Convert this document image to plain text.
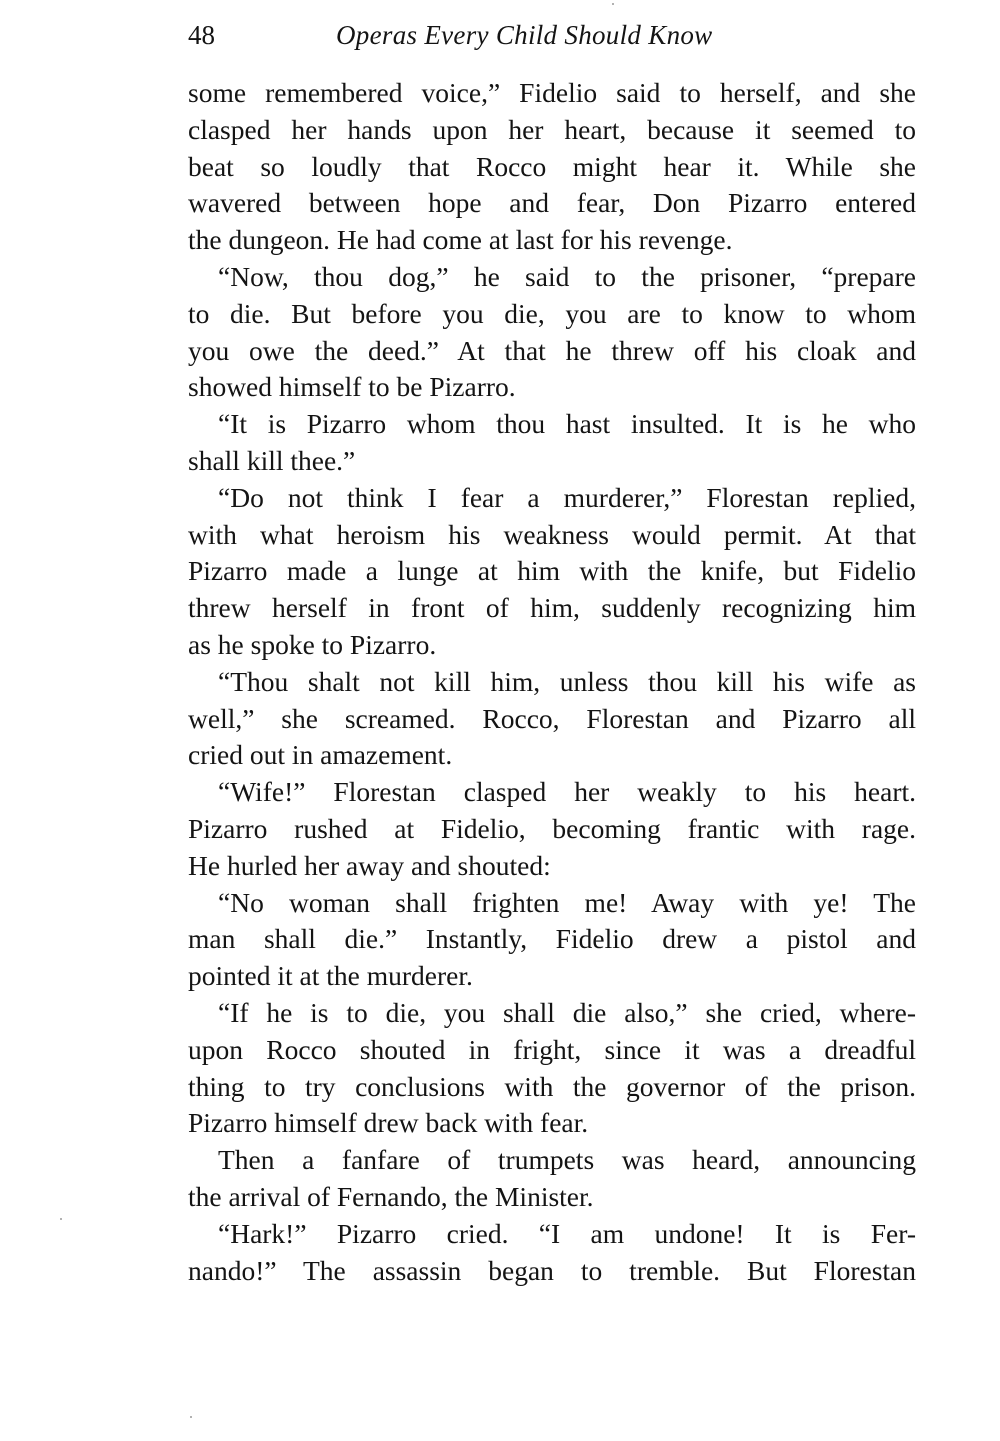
48	Operas Every Child Should Know
some remembered voice,” Fidelio said to herself, and she
clasped her hands upon her heart, because it seemed to
beat so loudly that Rocco might hear it. While she
wavered between hope and fear, Don Pizarro entered
the dungeon. He had come at last for his revenge.
“Now, thou dog,” he said to the prisoner, “prepare
to die. But before you die, you are to know to whom
you owe the deed.” At that he threw off his cloak and
showed himself to be Pizarro.
“It is Pizarro whom thou hast insulted. It is he who
shall kill thee.”
“Do not think I fear a murderer,” Florestan replied,
with what heroism his weakness would permit. At that
Pizarro made a lunge at him with the knife, but Fidelio
threw herself in front of him, suddenly recognizing him
as he spoke to Pizarro.
“Thou shalt not kill him, unless thou kill his wife as
well,” she screamed. Rocco, Florestan and Pizarro all
cried out in amazement.
“Wife!” Florestan clasped her weakly to his heart.
Pizarro rushed at Fidelio, becoming frantic with rage.
He hurled her away and shouted:
“No woman shall frighten me! Away with ye! The
man shall die.” Instantly, Fidelio drew a pistol and
pointed it at the murderer.
“If he is to die, you shall die also,” she cried, where-
upon Rocco shouted in fright, since it was a dreadful
thing to try conclusions with the governor of the prison.
Pizarro himself drew back with fear.
Then a fanfare of trumpets was heard, announcing
the arrival of Fernando, the Minister.
“Hark!” Pizarro cried. “I am undone! It is Fer-
nando!” The assassin began to tremble. But Florestan
